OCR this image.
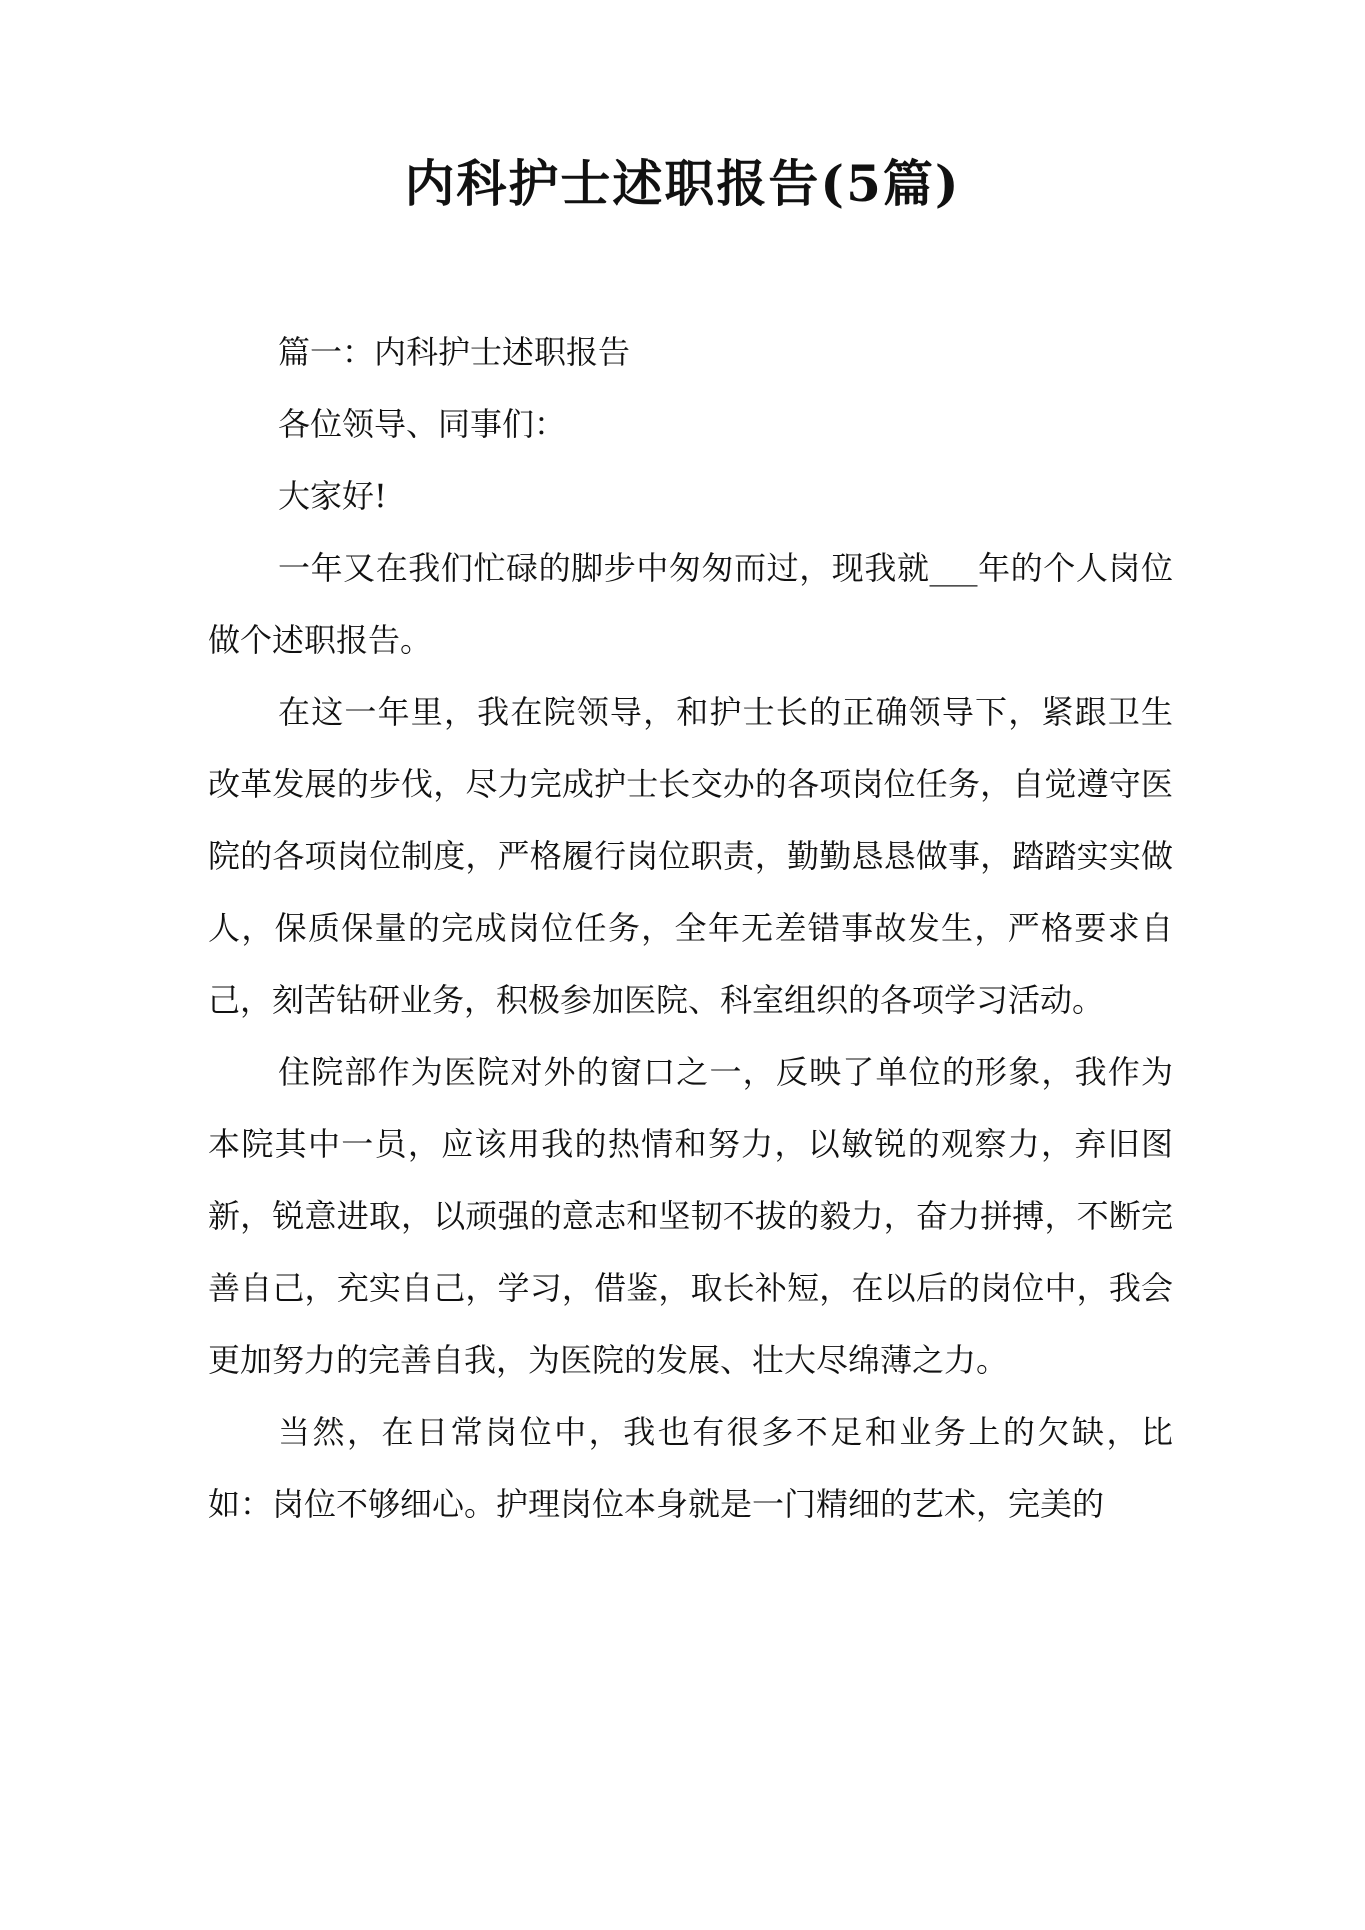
内科护士述职报告(5篇)

篇一：内科护士述职报告

各位领导、同事们：

大家好!

一年又在我们忙碌的脚步中匆匆而过，现我就___年的个人岗位做个述职报告。

在这一年里，我在院领导，和护士长的正确领导下，紧跟卫生改革发展的步伐，尽力完成护士长交办的各项岗位任务，自觉遵守医院的各项岗位制度，严格履行岗位职责，勤勤恳恳做事，踏踏实实做人，保质保量的完成岗位任务，全年无差错事故发生，严格要求自己，刻苦钻研业务，积极参加医院、科室组织的各项学习活动。

住院部作为医院对外的窗口之一，反映了单位的形象，我作为本院其中一员，应该用我的热情和努力，以敏锐的观察力，弃旧图新，锐意进取，以顽强的意志和坚韧不拔的毅力，奋力拼搏，不断完善自己，充实自己，学习，借鉴，取长补短，在以后的岗位中，我会更加努力的完善自我，为医院的发展、壮大尽绵薄之力。

当然，在日常岗位中，我也有很多不足和业务上的欠缺，比如：岗位不够细心。护理岗位本身就是一门精细的艺术，完美的
